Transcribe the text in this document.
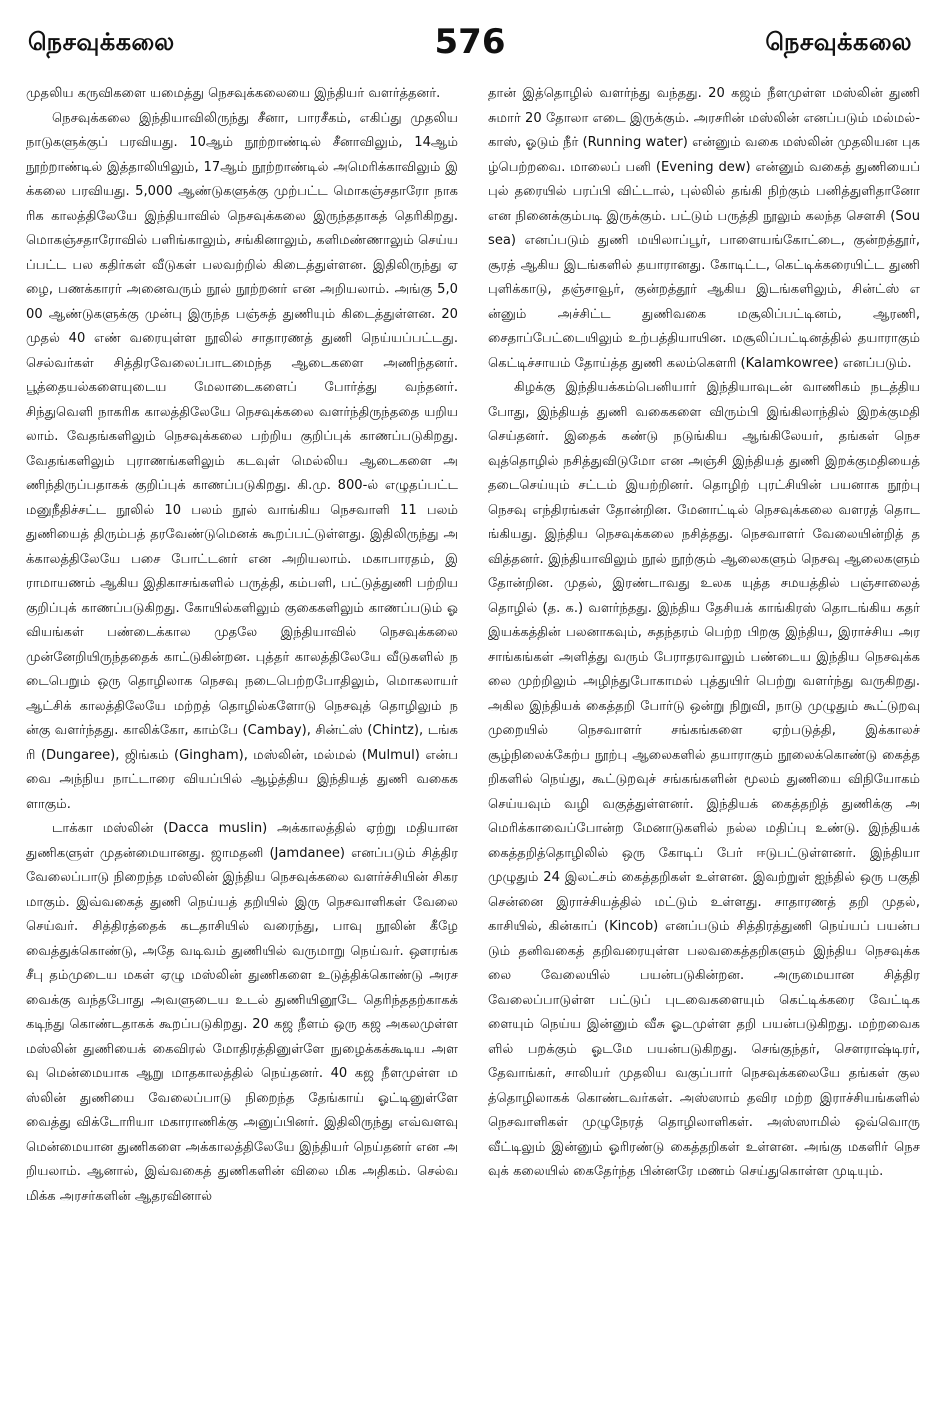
நெசவுக்கலை	576	நெசவுக்கலை

முதலிய கருவிகளை யமைத்து நெசவுக்கலையை இந்தியர் வளர்த்தனர்.

நெசவுக்கலை இந்தியாவிலிருந்து சீனா, பாரசீகம், எகிப்து முதலிய நாடுகளுக்குப் பரவியது. 10ஆம் நூற்றாண்டில் சீனாவிலும், 14ஆம் நூற்றாண்டில் இத்தாலியிலும், 17ஆம் நூற்றாண்டில் அமெரிக்காவிலும் இக்கலை பரவியது. 5,000 ஆண்டுகளுக்கு முற்பட்ட மொகஞ்சதாரோ நாகரிக காலத்திலேயே இந்தியாவில் நெசவுக்கலை இருந்ததாகத் தெரிகிறது. மொகஞ்சதாரோவில் பளிங்காலும், சங்கினாலும், களிமண்ணாலும் செய்யப்பட்ட பல கதிர்கள் வீடுகள் பலவற்றில் கிடைத்துள்ளன. இதிலிருந்து ஏழை, பணக்காரர் அனைவரும் நூல் நூற்றனர் என அறியலாம். அங்கு 5,000 ஆண்டுகளுக்கு முன்பு இருந்த பஞ்சுத் துணியும் கிடைத்துள்ளன. 20 முதல் 40 எண் வரையுள்ள நூலில் சாதாரணத் துணி நெய்யப்பட்டது. செல்வர்கள் சித்திரவேலைப்பாடமைந்த ஆடைகளை அணிந்தனர். பூத்தையல்களையுடைய மேலாடைகளைப் போர்த்து வந்தனர். சிந்துவெளி நாகரிக காலத்திலேயே நெசவுக்கலை வளர்ந்திருந்ததை யறியலாம். வேதங்களிலும் நெசவுக்கலை பற்றிய குறிப்புக் காணப்படுகிறது. வேதங்களிலும் புராணங்களிலும் கடவுள் மெல்லிய ஆடைகளை அணிந்திருப்பதாகக் குறிப்புக் காணப்படுகிறது. கி.மு. 800-ல் எழுதப்பட்ட மனுநீதிச்சட்ட நூலில் 10 பலம் நூல் வாங்கிய நெசவாளி 11 பலம் துணியைத் திரும்பத் தரவேண்டுமெனக் கூறப்பட்டுள்ளது. இதிலிருந்து அக்காலத்திலேயே பசை போட்டனர் என அறியலாம். மகாபாரதம், இராமாயணம் ஆகிய இதிகாசங்களில் பருத்தி, கம்பளி, பட்டுத்துணி பற்றிய குறிப்புக் காணப்படுகிறது. கோயில்களிலும் குகைகளிலும் காணப்படும் ஓவியங்கள் பண்டைக்கால முதலே இந்தியாவில் நெசவுக்கலை முன்னேறியிருந்ததைக் காட்டுகின்றன. புத்தர் காலத்திலேயே வீடுகளில் நடைபெறும் ஒரு தொழிலாக நெசவு நடைபெற்றபோதிலும், மொகலாயர் ஆட்சிக் காலத்திலேயே மற்றத் தொழில்களோடு நெசவுத் தொழிலும் நன்கு வளர்ந்தது. காலிக்கோ, காம்பே (Cambay), சின்ட்ஸ் (Chintz), டங்கரி (Dungaree), ஜிங்கம் (Gingham), மஸ்லின், மல்மல் (Mulmul) என்பவை அந்நிய நாட்டாரை வியப்பில் ஆழ்த்திய இந்தியத் துணி வகைகளாகும்.

டாக்கா மஸ்லின் (Dacca muslin) அக்காலத்தில் ஏற்று மதியான துணிகளுள் முதன்மையானது. ஜாமதனி (Jamdanee) எனப்படும் சித்திரவேலைப்பாடு நிறைந்த மஸ்லின் இந்திய நெசவுக்கலை வளர்ச்சியின் சிகரமாகும். இவ்வகைத் துணி நெய்யத் தறியில் இரு நெசவாளிகள் வேலை செய்வர். சித்திரத்தைக் கடதாசியில் வரைந்து, பாவு நூலின் கீழே வைத்துக்கொண்டு, அதே வடிவம் துணியில் வருமாறு நெய்வர். ஔரங்கசீபு தம்முடைய மகள் ஏழு மஸ்லின் துணிகளை உடுத்திக்கொண்டு அரசவைக்கு வந்தபோது அவளுடைய உடல் துணியினூடே தெரிந்ததற்காகக் கடிந்து கொண்டதாகக் கூறப்படுகிறது. 20 கஜ நீளம் ஒரு கஜ அகலமுள்ள மஸ்லின் துணியைக் கைவிரல் மோதிரத்தினுள்ளே நுழைக்கக்கூடிய அளவு மென்மையாக ஆறு மாதகாலத்தில் நெய்தனர். 40 கஜ நீளமுள்ள மஸ்லின் துணியை வேலைப்பாடு நிறைந்த தேங்காய் ஓட்டினுள்ளே வைத்து விக்டோரியா மகாராணிக்கு அனுப்பினர். இதிலிருந்து எவ்வளவு மென்மையான துணிகளை அக்காலத்திலேயே இந்தியர் நெய்தனர் என அறியலாம். ஆனால், இவ்வகைத் துணிகளின் விலை மிக அதிகம். செல்வமிக்க அரசர்களின் ஆதரவினால்

தான் இத்தொழில் வளர்ந்து வந்தது. 20 கஜம் நீளமுள்ள மஸ்லின் துணி சுமார் 20 தோலா எடை இருக்கும். அரசரின் மஸ்லின் எனப்படும் மல்மல்-காஸ், ஓடும் நீர் (Running water) என்னும் வகை மஸ்லின் முதலியன புகழ்பெற்றவை. மாலைப் பனி (Evening dew) என்னும் வகைத் துணியைப் புல் தரையில் பரப்பி விட்டால், புல்லில் தங்கி நிற்கும் பனித்துளிதானோ என நினைக்கும்படி இருக்கும். பட்டும் பருத்தி நூலும் கலந்த சௌசி (Sousea) எனப்படும் துணி மயிலாப்பூர், பாளையங்கோட்டை, குன்றத்தூர், சூரத் ஆகிய இடங்களில் தயாரானது. கோடிட்ட, கெட்டிக்கரையிட்ட துணி புளிக்காடு, தஞ்சாவூர், குன்றத்தூர் ஆகிய இடங்களிலும், சின்ட்ஸ் என்னும் அச்சிட்ட துணிவகை மசூலிப்பட்டினம், ஆரணி, சைதாப்பேட்டையிலும் உற்பத்தியாயின. மசூலிப்பட்டினத்தில் தயாராகும் கெட்டிச்சாயம் தோய்த்த துணி கலம்கௌரி (Kalamkowree) எனப்படும்.

கிழக்கு இந்தியக்கம்பெனியார் இந்தியாவுடன் வாணிகம் நடத்திய போது, இந்தியத் துணி வகைகளை விரும்பி இங்கிலாந்தில் இறக்குமதி செய்தனர். இதைக் கண்டு நடுங்கிய ஆங்கிலேயர், தங்கள் நெசவுத்தொழில் நசித்துவிடுமோ என அஞ்சி இந்தியத் துணி இறக்குமதியைத் தடைசெய்யும் சட்டம் இயற்றினர். தொழிற் புரட்சியின் பயனாக நூற்பு நெசவு எந்திரங்கள் தோன்றின. மேனாட்டில் நெசவுக்கலை வளரத் தொடங்கியது. இந்திய நெசவுக்கலை நசித்தது. நெசவாளர் வேலையின்றித் தவித்தனர். இந்தியாவிலும் நூல் நூற்கும் ஆலைகளும் நெசவு ஆலைகளும் தோன்றின. முதல், இரண்டாவது உலக யுத்த சமயத்தில் பஞ்சாலைத் தொழில் (த. க.) வளர்ந்தது. இந்திய தேசியக் காங்கிரஸ் தொடங்கிய கதர் இயக்கத்தின் பலனாகவும், சுதந்தரம் பெற்ற பிறகு இந்திய, இராச்சிய அரசாங்கங்கள் அளித்து வரும் பேராதரவாலும் பண்டைய இந்திய நெசவுக்கலை முற்றிலும் அழிந்துபோகாமல் புத்துயிர் பெற்று வளர்ந்து வருகிறது. அகில இந்தியக் கைத்தறி போர்டு ஒன்று நிறுவி, நாடு முழுதும் கூட்டுறவு முறையில் நெசவாளர் சங்கங்களை ஏற்படுத்தி, இக்காலச் சூழ்நிலைக்கேற்ப நூற்பு ஆலைகளில் தயாராகும் நூலைக்கொண்டு கைத்தறிகளில் நெய்து, கூட்டுறவுச் சங்கங்களின் மூலம் துணியை விநியோகம் செய்யவும் வழி வகுத்துள்ளனர். இந்தியக் கைத்தறித் துணிக்கு அமெரிக்காவைப்போன்ற மேனாடுகளில் நல்ல மதிப்பு உண்டு. இந்தியக் கைத்தறித்தொழிலில் ஒரு கோடிப் பேர் ஈடுபட்டுள்ளனர். இந்தியா முழுதும் 24 இலட்சம் கைத்தறிகள் உள்ளன. இவற்றுள் ஐந்தில் ஒரு பகுதி சென்னை இராச்சியத்தில் மட்டும் உள்ளது. சாதாரணத் தறி முதல், காசியில், கின்காப் (Kincob) எனப்படும் சித்திரத்துணி நெய்யப் பயன்படும் தனிவகைத் தறிவரையுள்ள பலவகைத்தறிகளும் இந்திய நெசவுக்கலை வேலையில் பயன்படுகின்றன. அருமையான சித்திர வேலைப்பாடுள்ள பட்டுப் புடவைகளையும் கெட்டிக்கரை வேட்டிகளையும் நெய்ய இன்னும் வீசு ஓடமுள்ள தறி பயன்படுகிறது. மற்றவைகளில் பறக்கும் ஓடமே பயன்படுகிறது. செங்குந்தர், சௌராஷ்டிரர், தேவாங்கர், சாலியர் முதலிய வகுப்பார் நெசவுக்கலையே தங்கள் குலத்தொழிலாகக் கொண்டவர்கள். அஸ்ஸாம் தவிர மற்ற இராச்சியங்களில் நெசவாளிகள் முழுநேரத் தொழிலாளிகள். அஸ்ஸாமில் ஒவ்வொரு வீட்டிலும் இன்னும் ஓரிரண்டு கைத்தறிகள் உள்ளன. அங்கு மகளிர் நெசவுக் கலையில் கைதேர்ந்த பின்னரே மணம் செய்துகொள்ள முடியும்.
